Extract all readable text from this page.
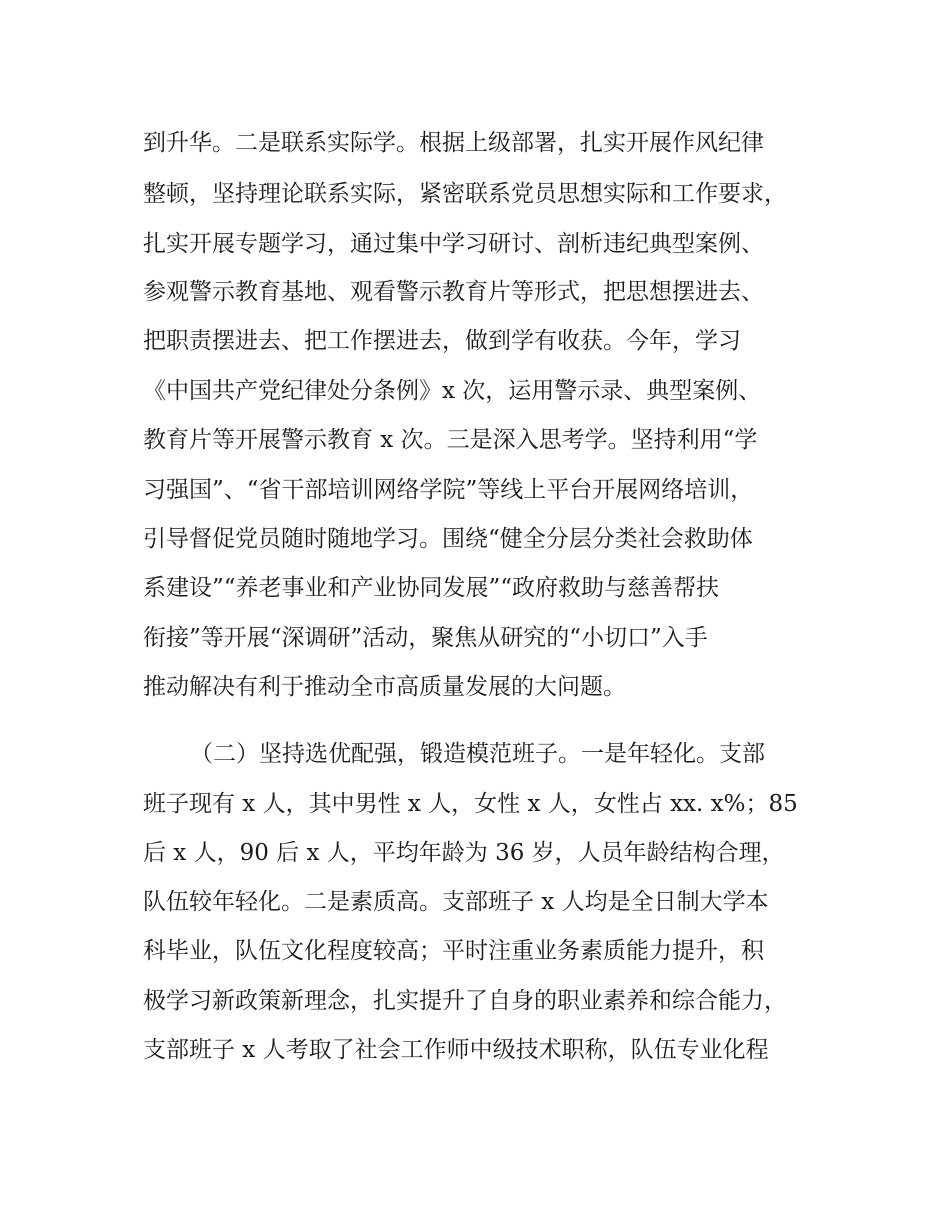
到升华。二是联系实际学。根据上级部署，扎实开展作风纪律
整顿，坚持理论联系实际，紧密联系党员思想实际和工作要求，
扎实开展专题学习，通过集中学习研讨、剖析违纪典型案例、
参观警示教育基地、观看警示教育片等形式，把思想摆进去、
把职责摆进去、把工作摆进去，做到学有收获。今年，学习
《中国共产党纪律处分条例》x 次，运用警示录、典型案例、
教育片等开展警示教育 x 次。三是深入思考学。坚持利用“学
习强国”、“省干部培训网络学院”等线上平台开展网络培训，
引导督促党员随时随地学习。围绕“健全分层分类社会救助体
系建设”“养老事业和产业协同发展”“政府救助与慈善帮扶
衔接”等开展“深调研”活动，聚焦从研究的“小切口”入手
推动解决有利于推动全市高质量发展的大问题。
（二）坚持选优配强，锻造模范班子。一是年轻化。支部
班子现有 x 人，其中男性 x 人，女性 x 人，女性占 xx. x%；85
后 x 人，90 后 x 人，平均年龄为 36 岁，人员年龄结构合理，
队伍较年轻化。二是素质高。支部班子 x 人均是全日制大学本
科毕业，队伍文化程度较高；平时注重业务素质能力提升，积
极学习新政策新理念，扎实提升了自身的职业素养和综合能力，
支部班子 x 人考取了社会工作师中级技术职称，队伍专业化程
